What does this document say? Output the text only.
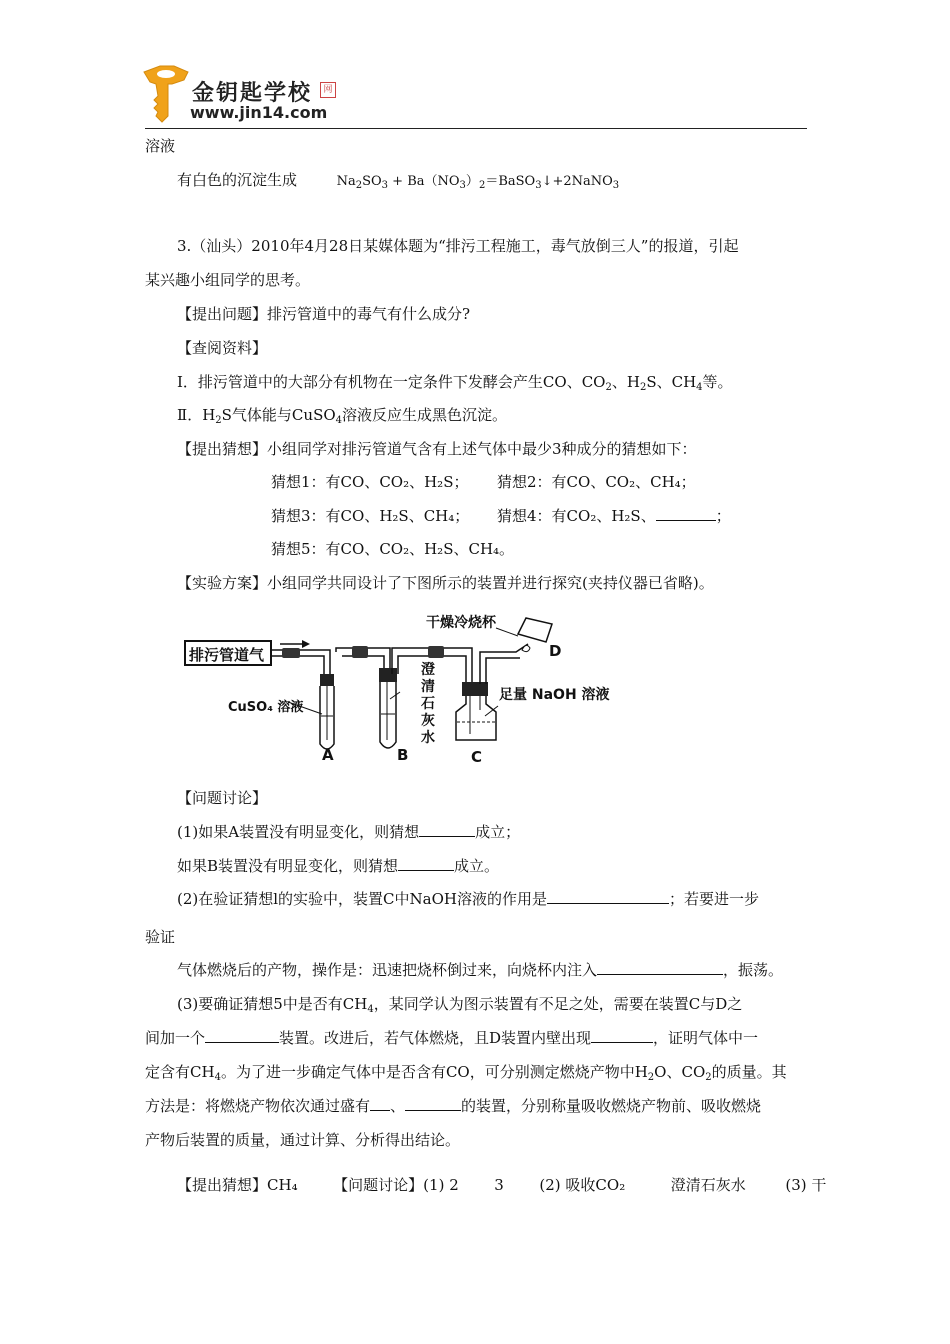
金钥匙学校	网
www.jin14.com
溶液
有白色的沉淀生成	$Na_2SO_3$ + $Ba(NO_3)_2=BaSO_3↓+2NaNO_3$
3.（汕头）2010年4月28日某媒体题为“排污工程施工，毒气放倒三人”的报道，引起
某兴趣小组同学的思考。
【提出问题】排污管道中的毒气有什么成分?
【查阅资料】
I．排污管道中的大部分有机物在一定条件下发酵会产生CO、$CO_2$、$H_2S$、$CH_4$等。
Ⅱ．$H_2S$气体能与CuSO$_4$溶液反应生成黑色沉淀。
【提出猜想】小组同学对排污管道气含有上述气体中最少3种成分的猜想如下：
猜想1：有CO、CO₂、H₂S； 猜想2：有CO、CO₂、CH₄；
猜想3：有CO、H₂S、CH₄； 猜想4：有CO₂、H₂S、	；
猜想5：有CO、CO₂、H₂S、CH₄。
【实验方案】小组同学共同设计了下图所示的装置并进行探究(夹持仪器已省略)。
排污管道气
干燥冷烧杯
D
CuSO₄ 溶液
澄
清
石
灰
水
足量 NaOH 溶液
A	B	C
【问题讨论】
(1)如果A装置没有明显变化，则猜想	成立；
如果B装置没有明显变化，则猜想	成立。
(2)在验证猜想l的实验中，装置C中NaOH溶液的作用是	；若要进一步
验证
气体燃烧后的产物，操作是：迅速把烧杯倒过来，向烧杯内注入	，振荡。
(3)要确证猜想5中是否有$CH_4$，某同学认为图示装置有不足之处，需要在装置C与D之
间加一个	装置。改进后，若气体燃烧，且D装置内壁出现	，证明气体中一
定含有$CH_4$。为了进一步确定气体中是否含有CO，可分别测定燃烧产物中$H_2O$、$CO_2$的质量。其
方法是：将燃烧产物依次通过盛有 、	的装置，分别称量吸收燃烧产物前、吸收燃烧
产物后装置的质量，通过计算、分析得出结论。
【提出猜想】CH₄ 【问题讨论】(1) 2 3 (2) 吸收CO₂	澄清石灰水	(3) 干
